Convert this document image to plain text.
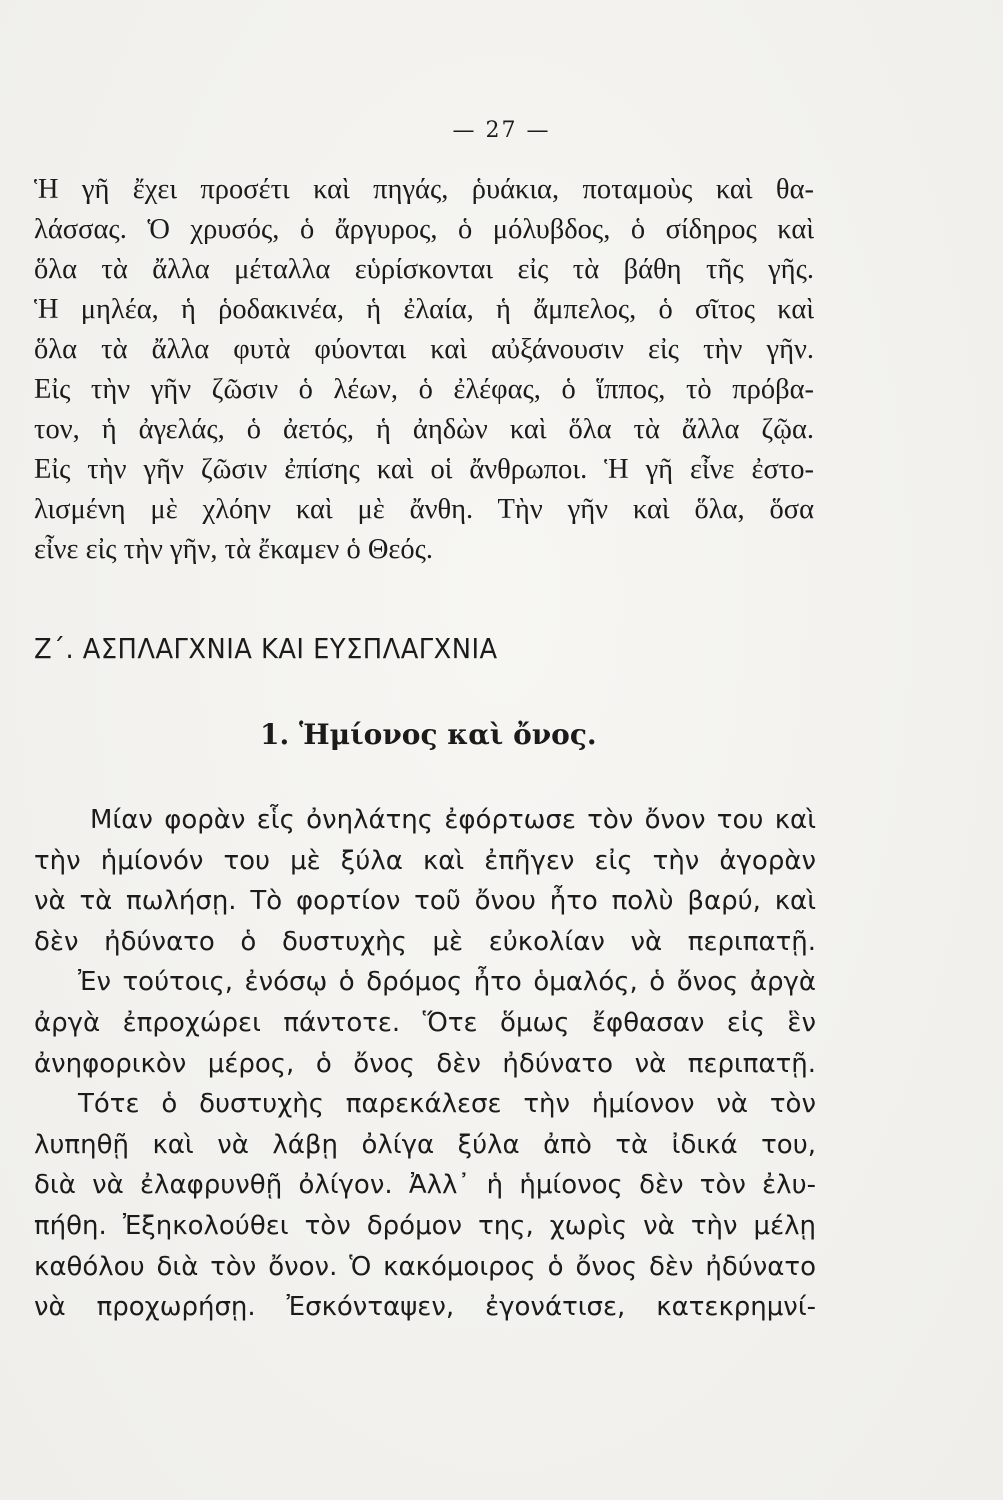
— 27 —
Ἡ γῆ ἔχει προσέτι καὶ πηγάς, ῥυάκια, ποταμοὺς καὶ θα-
λάσσας. Ὁ χρυσός, ὁ ἄργυρος, ὁ μόλυβδος, ὁ σίδηρος καὶ
ὅλα τὰ ἄλλα μέταλλα εὑρίσκονται εἰς τὰ βάθη τῆς γῆς.
Ἡ μηλέα, ἡ ῥοδακινέα, ἡ ἐλαία, ἡ ἄμπελος, ὁ σῖτος καὶ
ὅλα τὰ ἄλλα φυτὰ φύονται καὶ αὐξάνουσιν εἰς τὴν γῆν.
Εἰς τὴν γῆν ζῶσιν ὁ λέων, ὁ ἐλέφας, ὁ ἵππος, τὸ πρόβα-
τον, ἡ ἀγελάς, ὁ ἀετός, ἡ ἀηδὼν καὶ ὅλα τὰ ἄλλα ζῷα.
Εἰς τὴν γῆν ζῶσιν ἐπίσης καὶ οἱ ἄνθρωποι. Ἡ γῆ εἶνε ἐστο-
λισμένη μὲ χλόην καὶ μὲ ἄνθη. Τὴν γῆν καὶ ὅλα, ὅσα
εἶνε εἰς τὴν γῆν, τὰ ἔκαμεν ὁ Θεός.
Ζ΄. ΑΣΠΛΑΓΧΝΙΑ ΚΑΙ ΕΥΣΠΛΑΓΧΝΙΑ
1. Ἡμίονος καὶ ὄνος.
Μίαν φορὰν εἷς ὀνηλάτης ἐφόρτωσε τὸν ὄνον του καὶ
τὴν ἡμίονόν του μὲ ξύλα καὶ ἐπῆγεν εἰς τὴν ἀγορὰν
νὰ τὰ πωλήσῃ. Τὸ φορτίον τοῦ ὄνου ἦτο πολὺ βαρύ, καὶ
δὲν ἠδύνατο ὁ δυστυχὴς μὲ εὐκολίαν νὰ περιπατῇ.
Ἐν τούτοις, ἐνόσῳ ὁ δρόμος ἦτο ὁμαλός, ὁ ὄνος ἀργὰ
ἀργὰ ἐπροχώρει πάντοτε. Ὅτε ὅμως ἔφθασαν εἰς ἓν
ἀνηφορικὸν μέρος, ὁ ὄνος δὲν ἠδύνατο νὰ περιπατῇ.
Τότε ὁ δυστυχὴς παρεκάλεσε τὴν ἡμίονον νὰ τὸν
λυπηθῇ καὶ νὰ λάβῃ ὀλίγα ξύλα ἀπὸ τὰ ἰδικά του,
διὰ νὰ ἐλαφρυνθῇ ὀλίγον. Ἀλλ᾽ ἡ ἡμίονος δὲν τὸν ἐλυ-
πήθη. Ἐξηκολούθει τὸν δρόμον της, χωρὶς νὰ τὴν μέλῃ
καθόλου διὰ τὸν ὄνον. Ὁ κακόμοιρος ὁ ὄνος δὲν ἠδύνατο
νὰ προχωρήσῃ. Ἐσκόνταψεν, ἐγονάτισε, κατεκρημνί-
